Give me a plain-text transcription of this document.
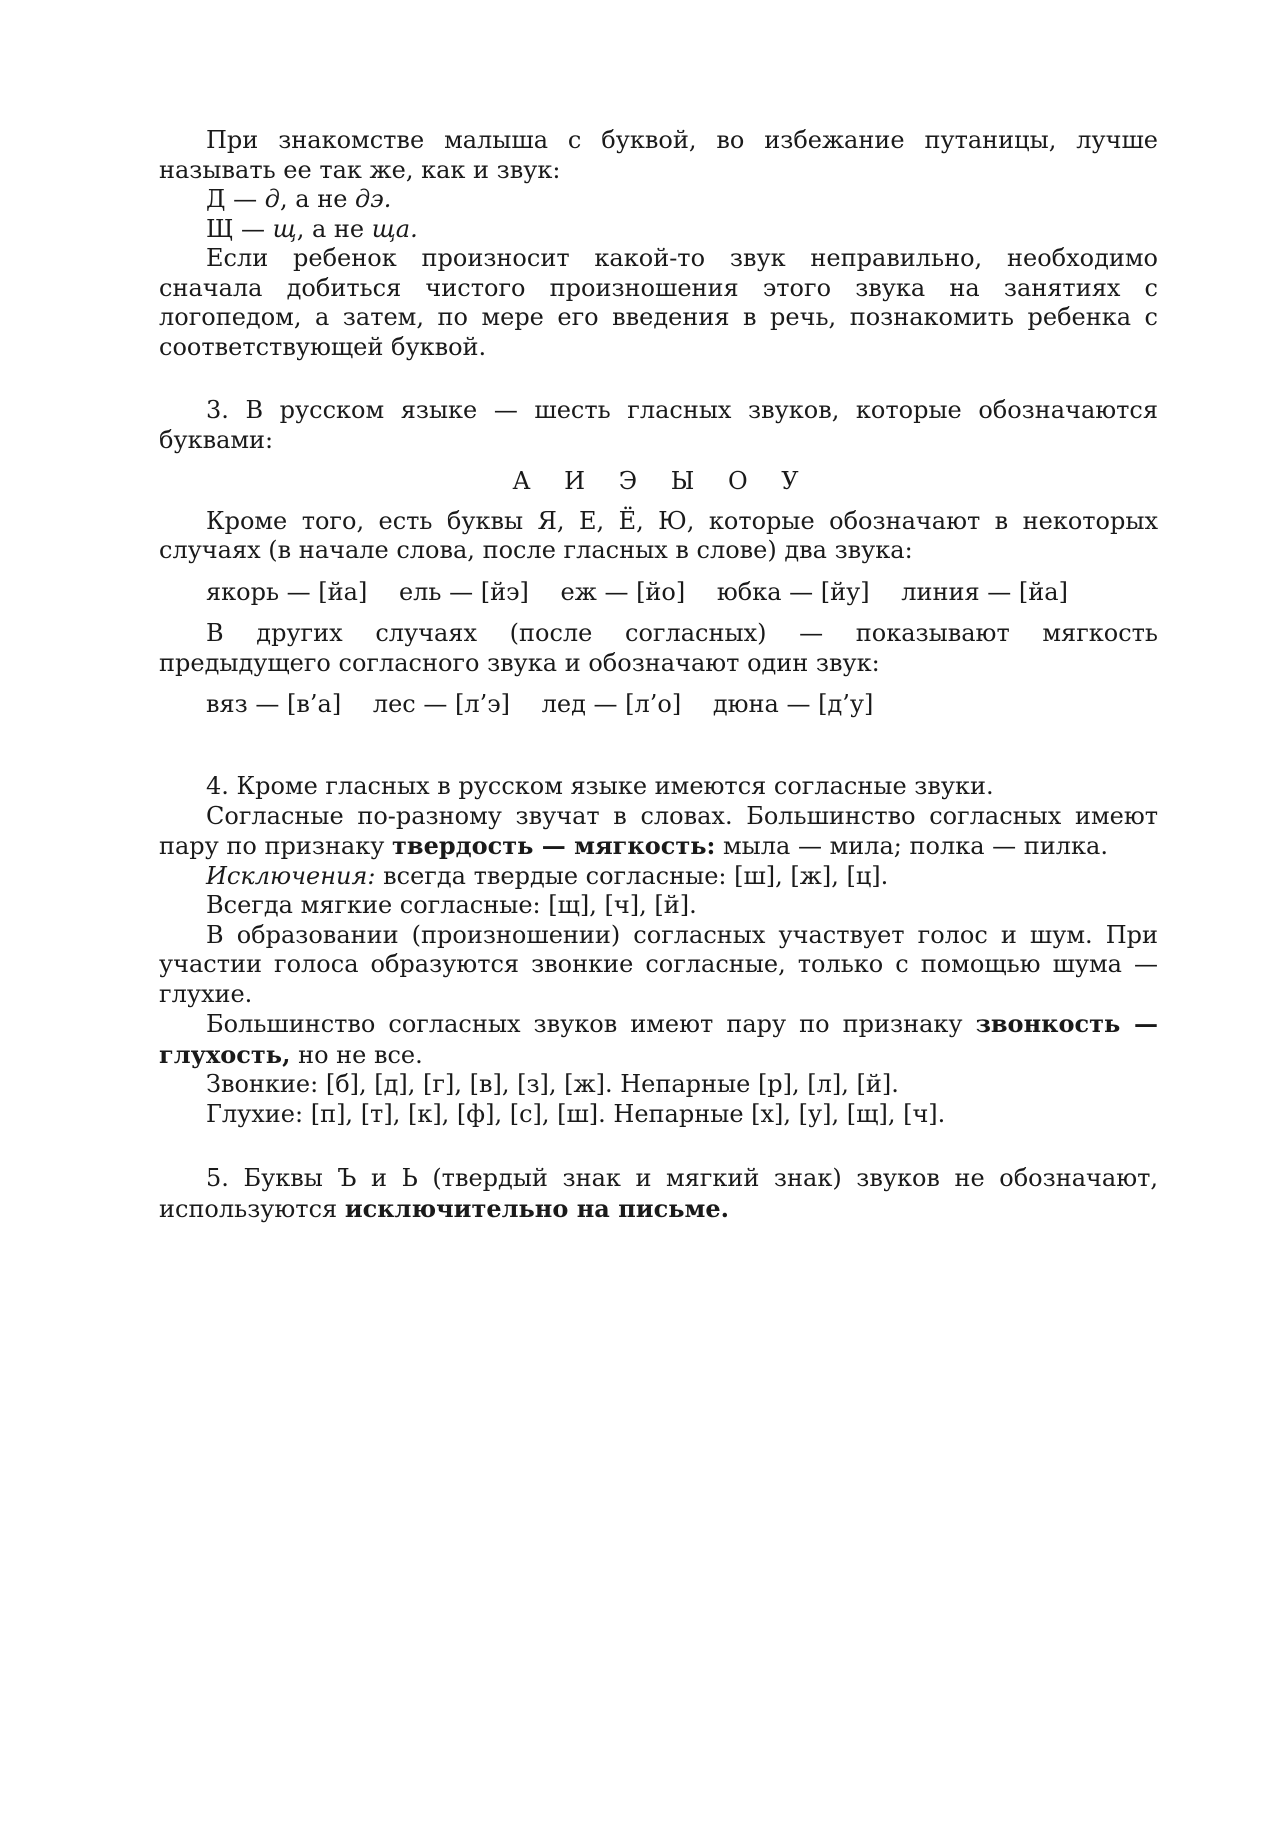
При знакомстве малыша с буквой, во избежание путаницы, лучше называть ее так же, как и звук:

Д — д, а не дэ.

Щ — щ, а не ща.

Если ребенок произносит какой-то звук неправильно, необходимо сначала добиться чистого произношения этого звука на занятиях с логопедом, а затем, по мере его введения в речь, познакомить ребенка с соответствующей буквой.

3. В русском языке — шесть гласных звуков, которые обозначаются буквами:

А И Э Ы О У

Кроме того, есть буквы Я, Е, Ё, Ю, которые обозначают в некоторых случаях (в начале слова, после гласных в слове) два звука:

якорь — [йа] ель — [йэ] еж — [йо] юбка — [йу] линия — [йа]

В других случаях (после согласных) — показывают мягкость предыдущего согласного звука и обозначают один звук:

вяз — [в’а] лес — [л’э] лед — [л’о] дюна — [д’у]

4. Кроме гласных в русском языке имеются согласные звуки.

Согласные по-разному звучат в словах. Большинство согласных имеют пару по признаку твердость — мягкость: мыла — мила; полка — пилка.

Исключения: всегда твердые согласные: [ш], [ж], [ц].

Всегда мягкие согласные: [щ], [ч], [й].

В образовании (произношении) согласных участвует голос и шум. При участии голоса образуются звонкие согласные, только с помощью шума — глухие.

Большинство согласных звуков имеют пару по признаку звонкость — глухость, но не все.

Звонкие: [б], [д], [г], [в], [з], [ж]. Непарные [р], [л], [й].

Глухие: [п], [т], [к], [ф], [с], [ш]. Непарные [х], [у], [щ], [ч].

5. Буквы Ъ и Ь (твердый знак и мягкий знак) звуков не обозначают, используются исключительно на письме.
